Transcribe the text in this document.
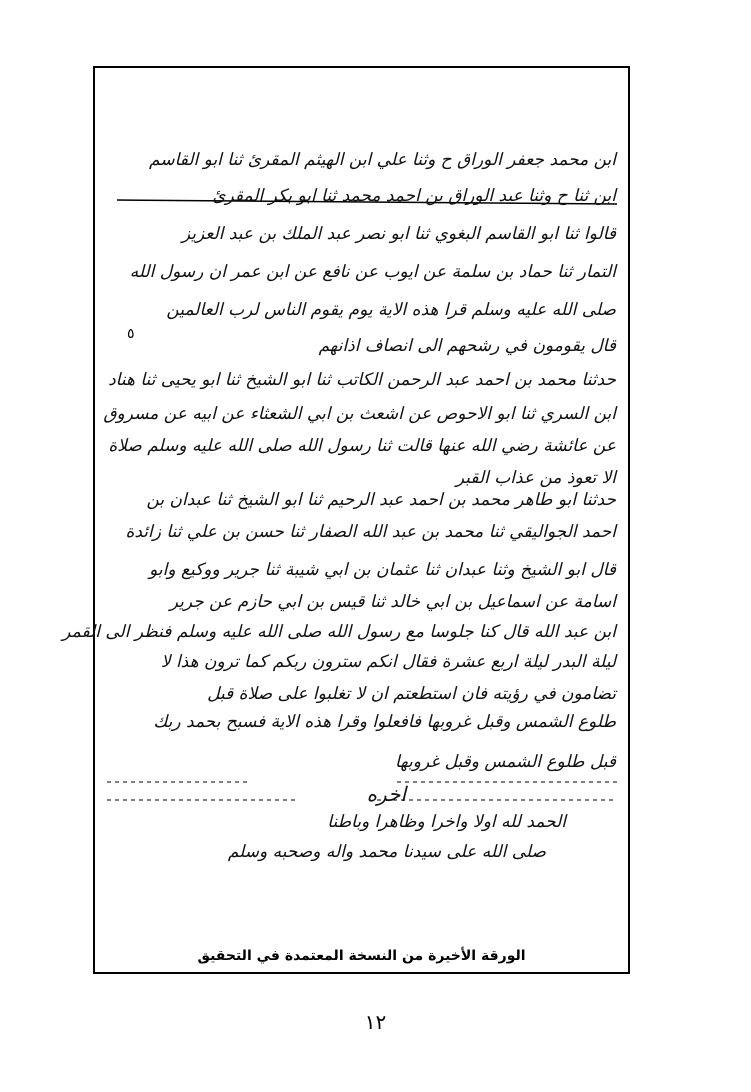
٥
ابن محمد جعفر الوراق ح وثنا علي ابن الهيثم المقرئ ثنا ابو القاسم
ابن ثنا ح وثنا عبد الوراق بن احمد محمد ثنا ابو بكر المقرئ
قالوا ثنا ابو القاسم البغوي ثنا ابو نصر عبد الملك بن عبد العزيز
التمار ثنا حماد بن سلمة عن ايوب عن نافع عن ابن عمر ان رسول الله
صلى الله عليه وسلم قرا هذه الاية يوم يقوم الناس لرب العالمين
قال يقومون في رشحهم الى انصاف اذانهم
حدثنا محمد بن احمد عبد الرحمن الكاتب ثنا ابو الشيخ ثنا ابو يحيى ثنا هناد
ابن السري ثنا ابو الاحوص عن اشعث بن ابي الشعثاء عن ابيه عن مسروق
عن عائشة رضي الله عنها قالت ثنا رسول الله صلى الله عليه وسلم صلاة
الا تعوذ من عذاب القبر
حدثنا ابو طاهر محمد بن احمد عبد الرحيم ثنا ابو الشيخ ثنا عبدان بن
احمد الجواليقي ثنا محمد بن عبد الله الصفار ثنا حسن بن علي ثنا زائدة
قال ابو الشيخ وثنا عبدان ثنا عثمان بن ابي شيبة ثنا جرير ووكيع وابو
اسامة عن اسماعيل بن ابي خالد ثنا قيس بن ابي حازم عن جرير
ابن عبد الله قال كنا جلوسا مع رسول الله صلى الله عليه وسلم فنظر الى القمر
ليلة البدر ليلة اربع عشرة فقال انكم سترون ربكم كما ترون هذا لا
تضامون في رؤيته فان استطعتم ان لا تغلبوا على صلاة قبل
طلوع الشمس وقبل غروبها فافعلوا وقرا هذه الاية فسبح بحمد ربك
قبل طلوع الشمس وقبل غروبها
اخره
الحمد لله اولا واخرا وظاهرا وباطنا
صلى الله على سيدنا محمد واله وصحبه وسلم
الورقة الأخيرة من النسخة المعتمدة في التحقيق
١٢
